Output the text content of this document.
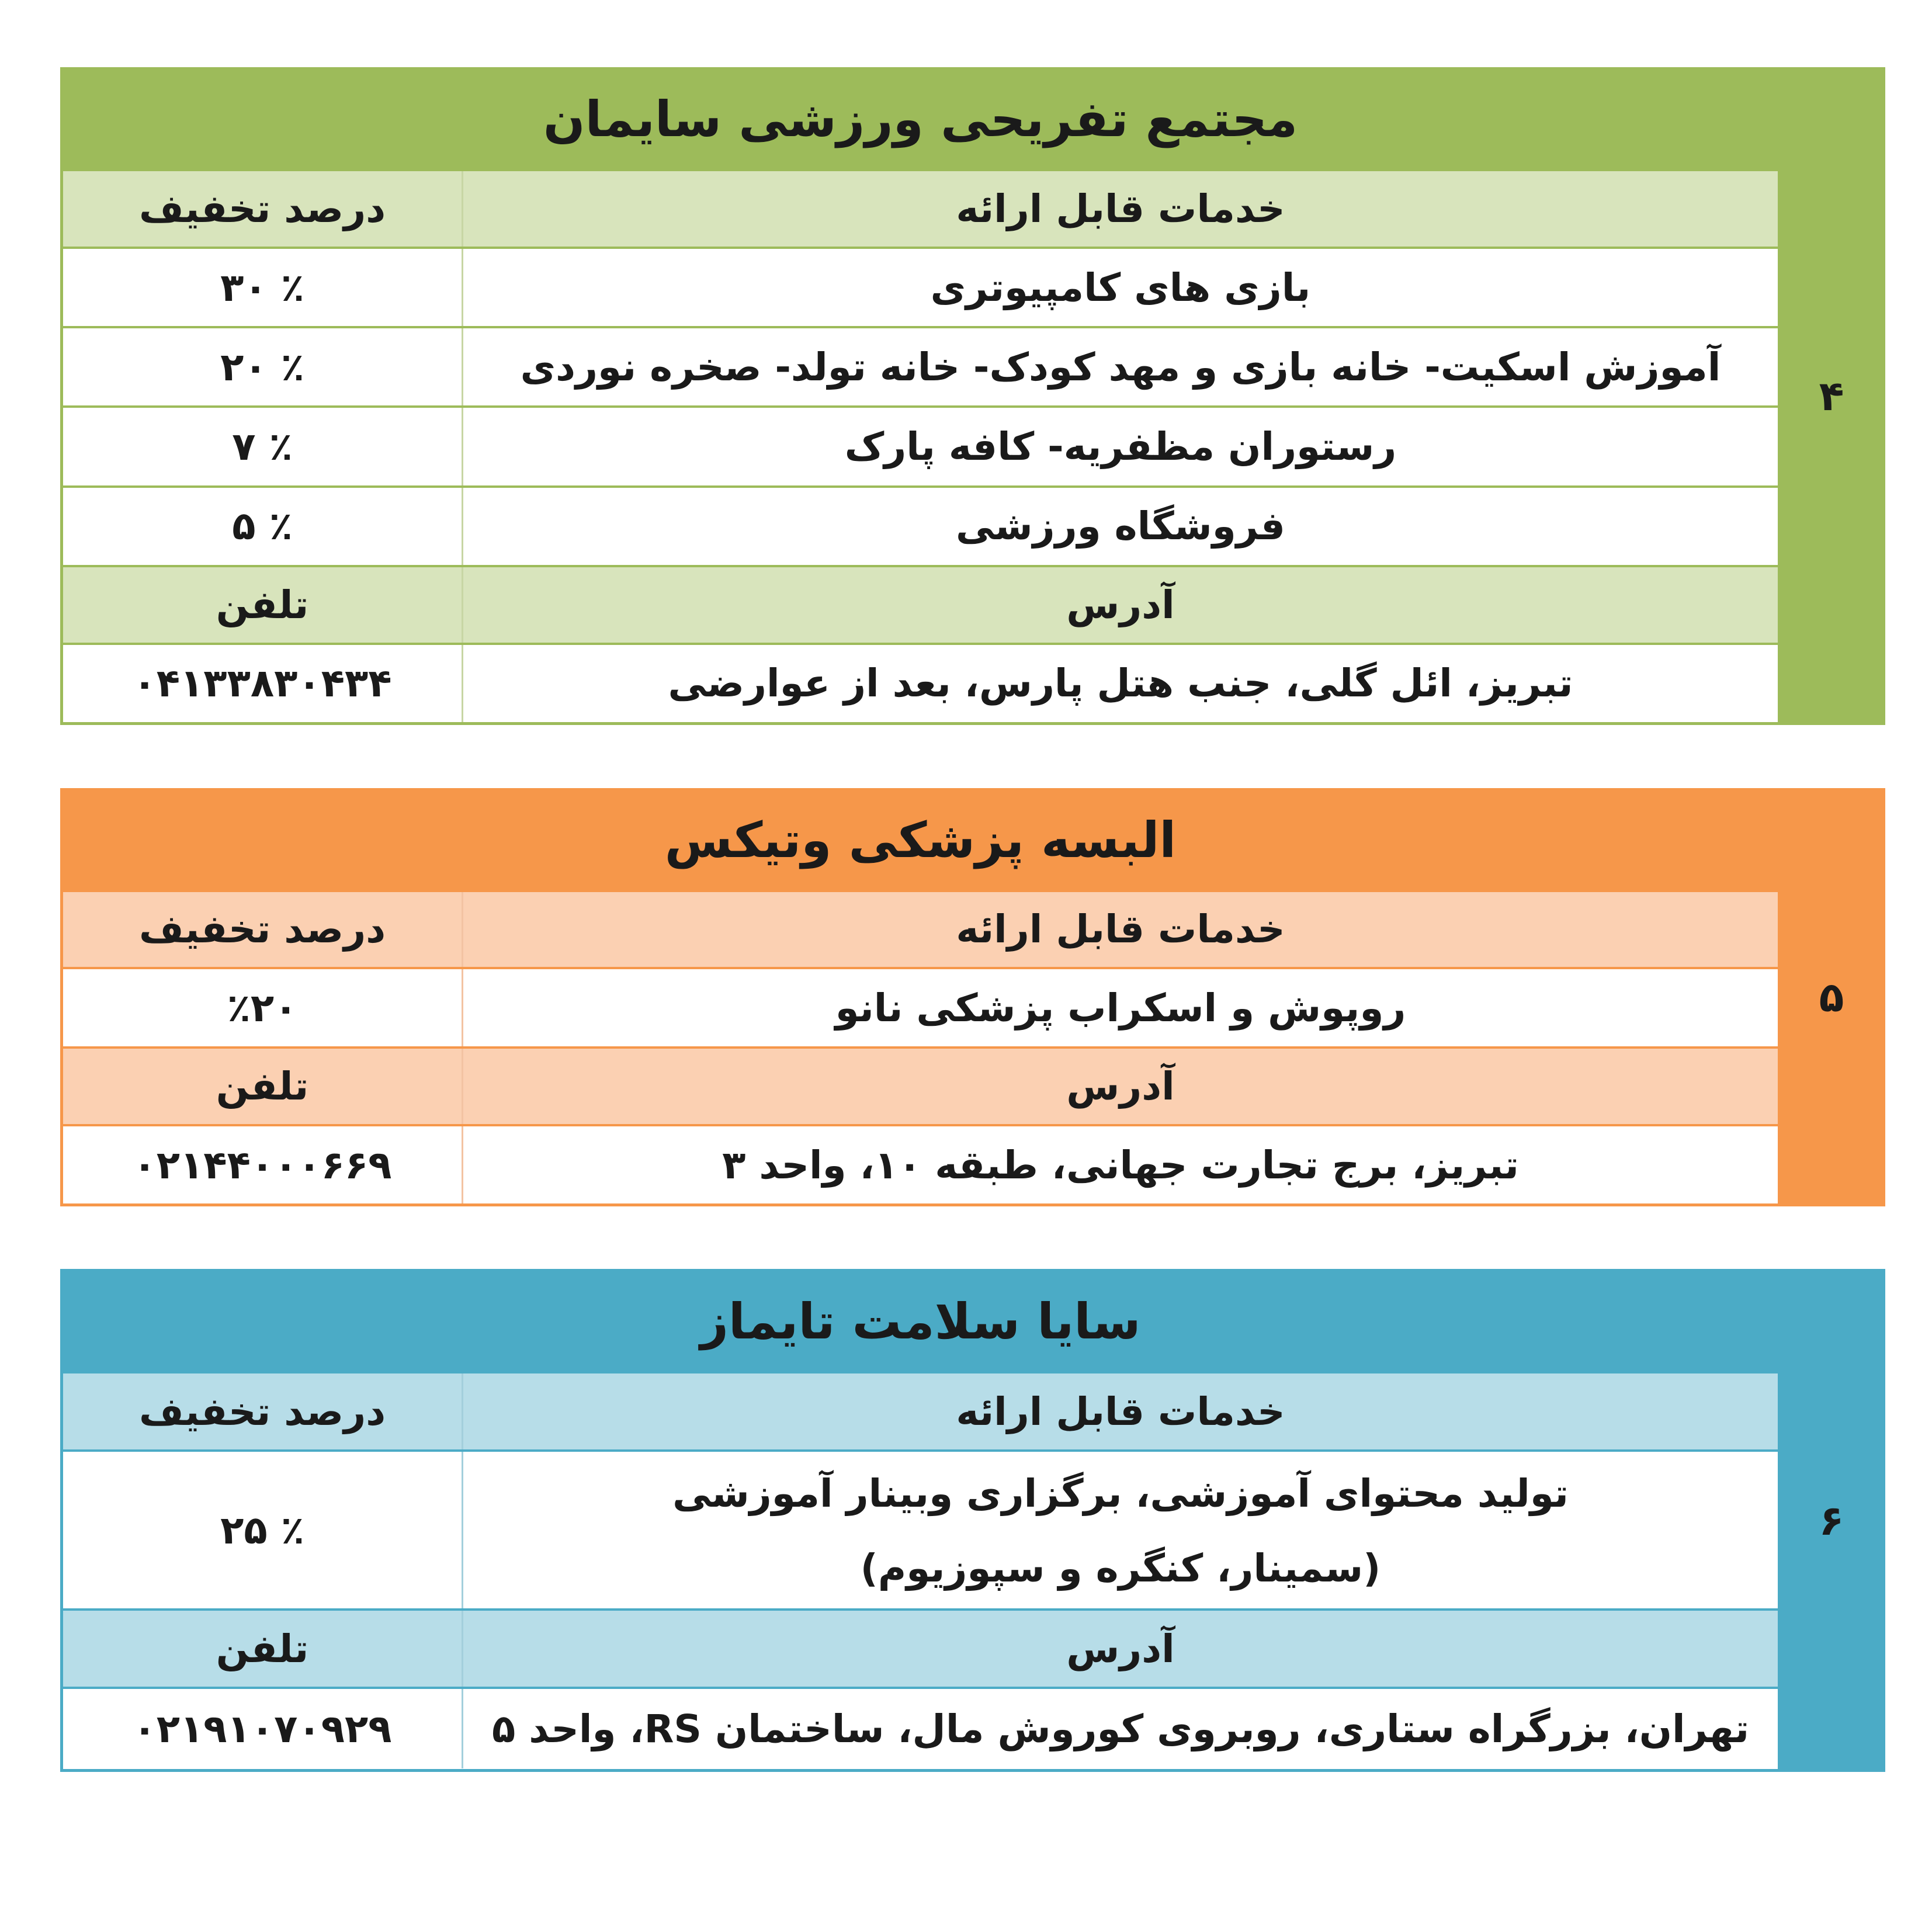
۴
مجتمع تفریحی ورزشی سایمان
خدمات قابل ارائه
درصد تخفیف
بازی های کامپیوتری
٪ ۳۰
آموزش اسکیت- خانه بازی و مهد کودک- خانه تولد- صخره نوردی
٪ ۲۰
رستوران مظفریه- کافه پارک
٪ ۷
فروشگاه ورزشی
٪ ۵
آدرس
تلفن
تبریز، ائل گلی، جنب هتل پارس، بعد از عوارضی
۰۴۱۳۳۸۳۰۴۳۴
۵
البسه پزشکی وتیکس
خدمات قابل ارائه
درصد تخفیف
روپوش و اسکراب پزشکی نانو
٪۲۰
آدرس
تلفن
تبریز، برج تجارت جهانی، طبقه ۱۰، واحد ۳
۰۲۱۴۴۰۰۰۶۶۹
۶
سایا سلامت تایماز
خدمات قابل ارائه
درصد تخفیف
تولید محتوای آموزشی، برگزاری وبینار آموزشی
(سمینار، کنگره و سپوزیوم)
٪ ۲۵
آدرس
تلفن
تهران، بزرگراه ستاری، روبروی کوروش مال، ساختمان RS، واحد ۵
۰۲۱۹۱۰۷۰۹۲۹
